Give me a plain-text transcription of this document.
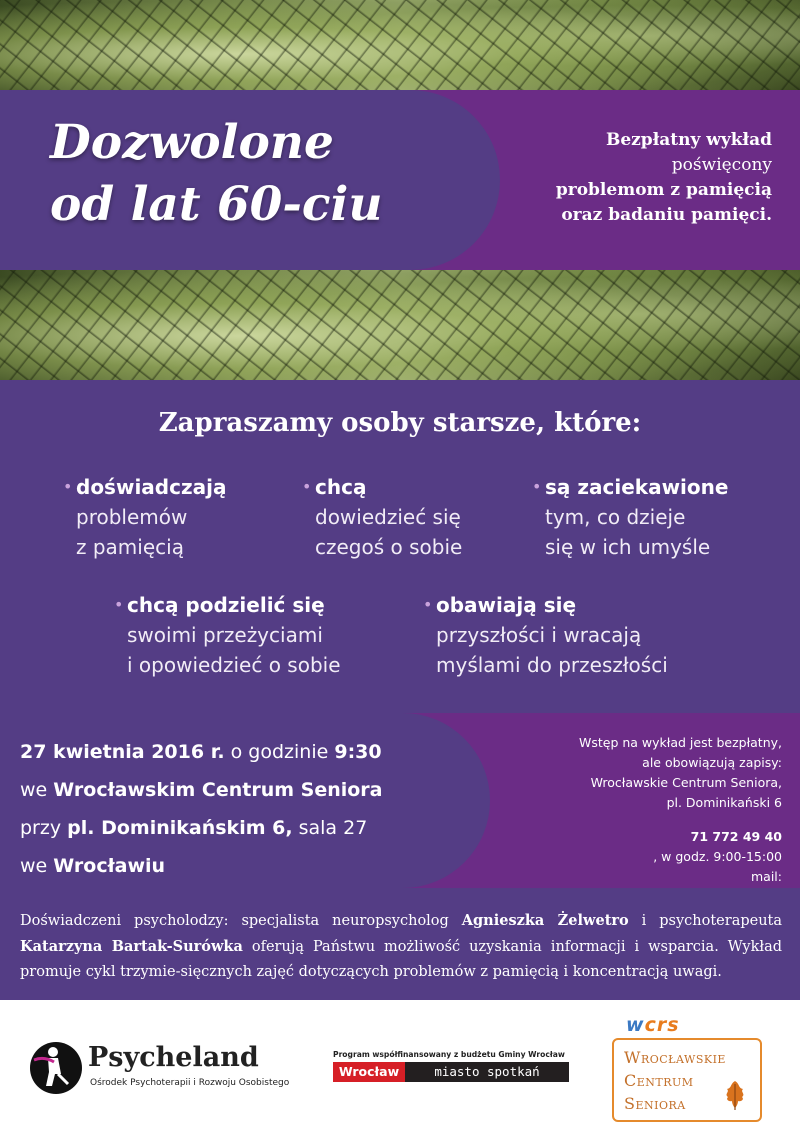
Dozwolone
od lat 60-ciu
Bezpłatny wykład
poświęcony
problemom z pamięcią
oraz badaniu pamięci.
Zapraszamy osoby starsze, które:
• doświadczają
problemów
z pamięcią
• chcą
dowiedzieć się
czegoś o sobie
• są zaciekawione
tym, co dzieje
się w ich umyśle
• chcą podzielić się
swoimi przeżyciami
i opowiedzieć o sobie
• obawiają się
przyszłości i wracają
myślami do przeszłości
27 kwietnia 2016 r. o godzinie 9:30
we Wrocławskim Centrum Seniora
przy pl. Dominikańskim 6, sala 27
we Wrocławiu
Wstęp na wykład jest bezpłatny,
ale obowiązują zapisy:
Wrocławskie Centrum Seniora,
pl. Dominikański 6
71 772 49 40
, w godz. 9:00-15:00
mail:

Doświadczeni psycholodzy: specjalista neuropsycholog Agnieszka Żelwetro i psychoterapeuta Katarzyna Bartak-Surówka oferują Państwu możliwość uzyskania informacji i wsparcia. Wykład promuje cykl trzymie-sięcznych zajęć dotyczących problemów z pamięcią i koncentracją uwagi.

Psycheland
Ośrodek Psychoterapii i Rozwoju Osobistego
Program współfinansowany z budżetu Gminy Wrocław
Wrocław	miasto spotkań
wcrs
Wrocławskie
Centrum
Seniora
